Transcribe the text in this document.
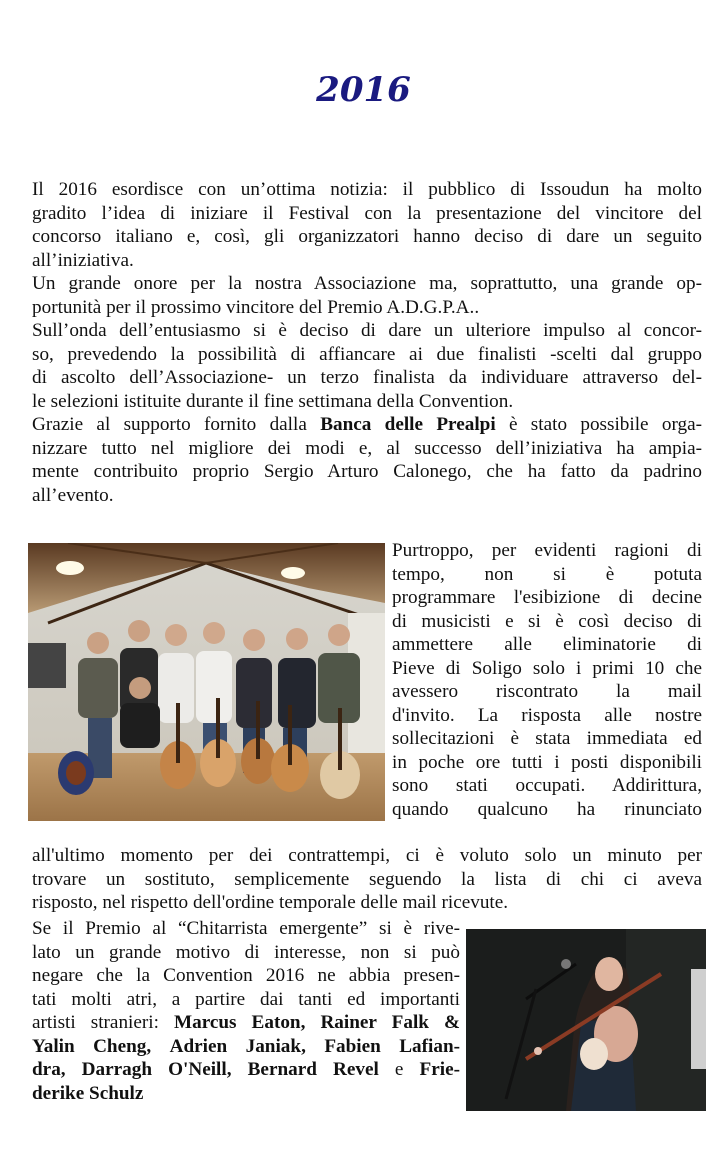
2016
Il 2016 esordisce con un’ottima notizia: il pubblico di Issoudun ha molto
gradito l’idea di iniziare il Festival con la presentazione del vincitore del
concorso italiano e, così, gli organizzatori hanno deciso di dare un seguito
all’iniziativa.
Un grande onore per la nostra Associazione ma, soprattutto, una grande op-
portunità per il prossimo vincitore del Premio A.D.G.P.A..
Sull’onda dell’entusiasmo si è deciso di dare un ulteriore impulso al concor-
so, prevedendo la possibilità di affiancare ai due finalisti -scelti dal gruppo
di ascolto dell’Associazione- un terzo finalista da individuare attraverso del-
le selezioni istituite durante il fine settimana della Convention.
Grazie al supporto fornito dalla Banca delle Prealpi è stato possibile orga-
nizzare tutto nel migliore dei modi e, al successo dell’iniziativa ha ampia-
mente contribuito proprio Sergio Arturo Calonego, che ha fatto da padrino
all’evento.
Purtroppo, per evidenti ragioni di
tempo, non si è potuta
programmare l'esibizione di decine
di musicisti e si è così deciso di
ammettere alle eliminatorie di
Pieve di Soligo solo i primi 10 che
avessero riscontrato la mail
d'invito. La risposta alle nostre
sollecitazioni è stata immediata ed
in poche ore tutti i posti disponibili
sono stati occupati. Addirittura,
quando qualcuno ha rinunciato
all'ultimo momento per dei contrattempi, ci è voluto solo un minuto per
trovare un sostituto, semplicemente seguendo la lista di chi ci aveva
risposto, nel rispetto dell'ordine temporale delle mail ricevute.
Se il Premio al “Chitarrista emergente” si è rive-
lato un grande motivo di interesse, non si può
negare che la Convention 2016 ne abbia presen-
tati molti atri, a partire dai tanti ed importanti
artisti stranieri: Marcus Eaton, Rainer Falk &
Yalin Cheng, Adrien Janiak, Fabien Lafian-
dra, Darragh O'Neill, Bernard Revel e Frie-
derike Schulz
